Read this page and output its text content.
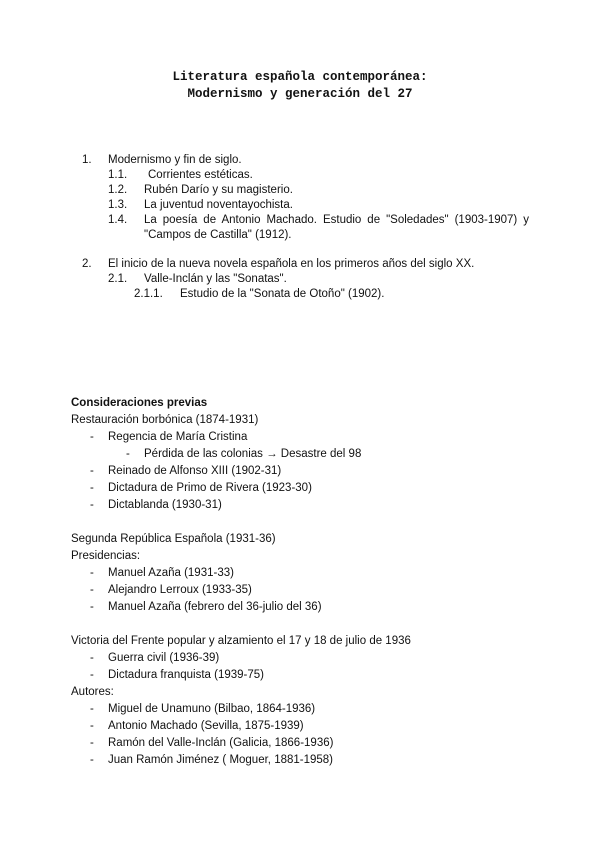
Literatura española contemporánea:
Modernismo y generación del 27
1. Modernismo y fin de siglo.
1.1. Corrientes estéticas.
1.2. Rubén Darío y su magisterio.
1.3. La juventud noventayochista.
1.4. La poesía de Antonio Machado. Estudio de "Soledades" (1903-1907) y
"Campos de Castilla" (1912).
2. El inicio de la nueva novela española en los primeros años del siglo XX.
2.1. Valle-Inclán y las "Sonatas".
2.1.1. Estudio de la "Sonata de Otoño" (1902).
Consideraciones previas
Restauración borbónica (1874-1931)
- Regencia de María Cristina
- Pérdida de las colonias → Desastre del 98
- Reinado de Alfonso XIII (1902-31)
- Dictadura de Primo de Rivera (1923-30)
- Dictablanda (1930-31)
Segunda República Española (1931-36)
Presidencias:
- Manuel Azaña (1931-33)
- Alejandro Lerroux (1933-35)
- Manuel Azaña (febrero del 36-julio del 36)
Victoria del Frente popular y alzamiento el 17 y 18 de julio de 1936
- Guerra civil (1936-39)
- Dictadura franquista (1939-75)
Autores:
- Miguel de Unamuno (Bilbao, 1864-1936)
- Antonio Machado (Sevilla, 1875-1939)
- Ramón del Valle-Inclán (Galicia, 1866-1936)
- Juan Ramón Jiménez ( Moguer, 1881-1958)
